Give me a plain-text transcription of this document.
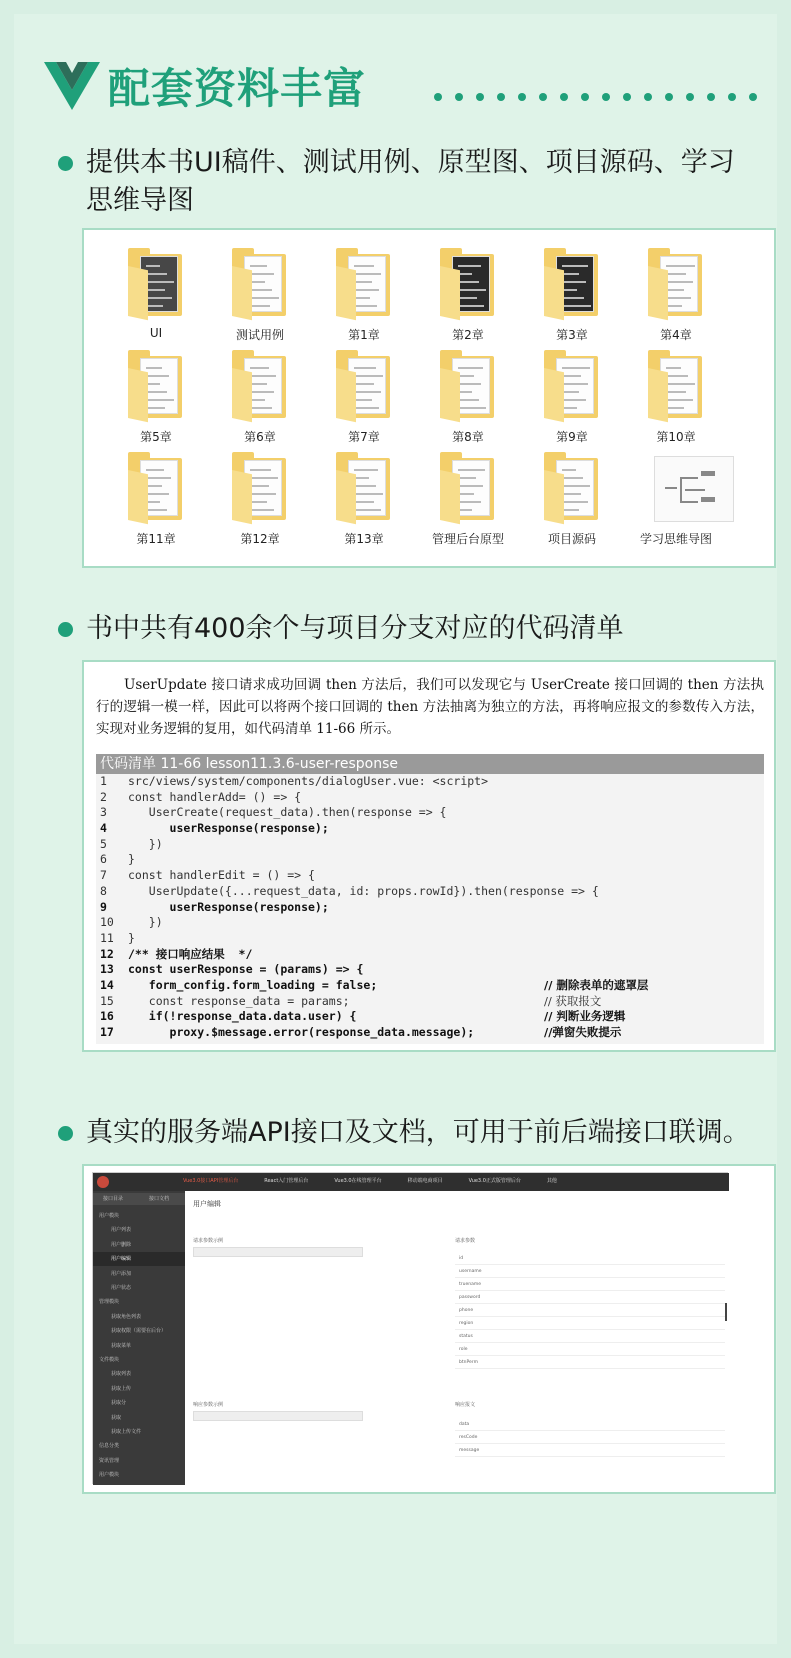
配套资料丰富
提供本书UI稿件、测试用例、原型图、项目源码、学习思维导图
UI	测试用例	第1章	第2章	第3章	第4章
第5章	第6章	第7章	第8章	第9章	第10章
第11章	第12章	第13章	管理后台原型	项目源码	学习思维导图
书中共有400余个与项目分支对应的代码清单
UserUpdate 接口请求成功回调 then 方法后，我们可以发现它与 UserCreate 接口回调的 then 方法执行的逻辑一模一样，因此可以将两个接口回调的 then 方法抽离为独立的方法，再将响应报文的参数传入方法，实现对业务逻辑的复用，如代码清单 11-66 所示。
代码清单 11-66 lesson11.3.6-user-response
1	src/views/system/components/dialogUser.vue: <script>
2	const handlerAdd= () => {
3	UserCreate(request_data).then(response => {
4	userResponse(response);
5	})
6	}
7	const handlerEdit = () => {
8	UserUpdate({...request_data, id: props.rowId}).then(response => {
9	userResponse(response);
10	})
11	}
12	/** 接口响应结果  */
13	const userResponse = (params) => {
14	form_config.form_loading = false;	// 删除表单的遮罩层
15	const response_data = params;	// 获取报文
16	if(!response_data.data.user) {	// 判断业务逻辑
17	proxy.$message.error(response_data.message);	//弹窗失败提示
真实的服务端API接口及文档，可用于前后端接口联调。
Vue3.0接口API管理后台	React入门管理后台	Vue3.0在线管理平台	移动端电商项目	Vue3.0正式版管理后台	其他
接口目录	接口文档
用户模块
用户列表
用户删除
用户编辑
用户添加
用户状态
管理模块
获取角色列表
获取权限（需要在后台）
获取菜单
文件模块
获取列表
获取上传
获取分
获取
获取上传文件
信息分类
资讯管理
用户模块
用户编辑
请求参数示例	请求参数
id
username
truename
password
phone
region
status
role
btnPerm
响应参数示例	响应报文
data
resCode
message
